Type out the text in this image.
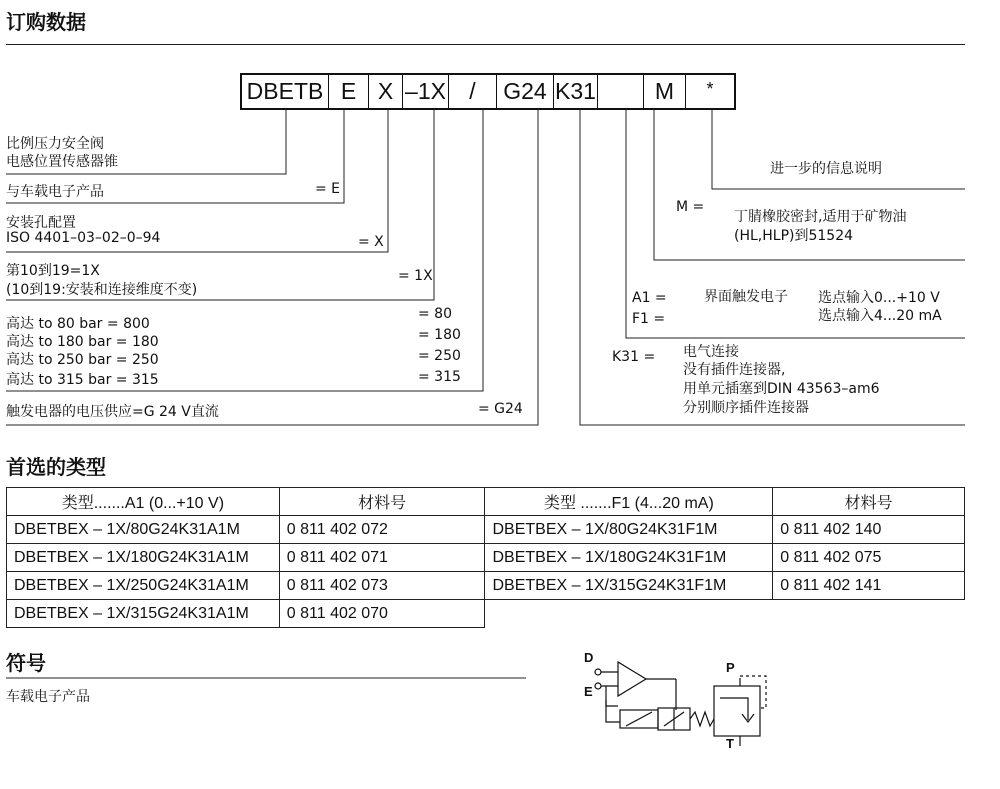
订购数据
DBETB E X –1X	/	G24 K31	M	*
比例压力安全阀
电感位置传感器锥
与车载电子产品	= E
安装孔配置
ISO 4401–03–02–0–94	= X
第10到19=1X
(10到19:安装和连接维度不变)
= 1X
高达 to 80 bar = 800
高达 to 180 bar = 180
高达 to 250 bar = 250
高达 to 315 bar = 315
= 80
= 180
= 250
= 315
触发电器的电压供应=G 24 V直流	= G24
进一步的信息说明
M =
丁腈橡胶密封,适用于矿物油
(HL,HLP)到51524
A1 =
F1 =
界面触发电子 选点输入0...+10 V
选点输入4...20 mA
K31 = 电气连接
没有插件连接器,
用单元插塞到DIN 43563–am6
分别顺序插件连接器
首选的类型
类型.......A1 (0...+10 V)	材料号	类型 .......F1 (4...20 mA)	材料号
DBETBEX – 1X/80G24K31A1M	0 811 402 072	DBETBEX – 1X/80G24K31F1M	0 811 402 140
DBETBEX – 1X/180G24K31A1M	0 811 402 071	DBETBEX – 1X/180G24K31F1M	0 811 402 075
DBETBEX – 1X/250G24K31A1M	0 811 402 073	DBETBEX – 1X/315G24K31F1M	0 811 402 141
DBETBEX – 1X/315G24K31A1M	0 811 402 070		
符号
车载电子产品
D
E
P
T
